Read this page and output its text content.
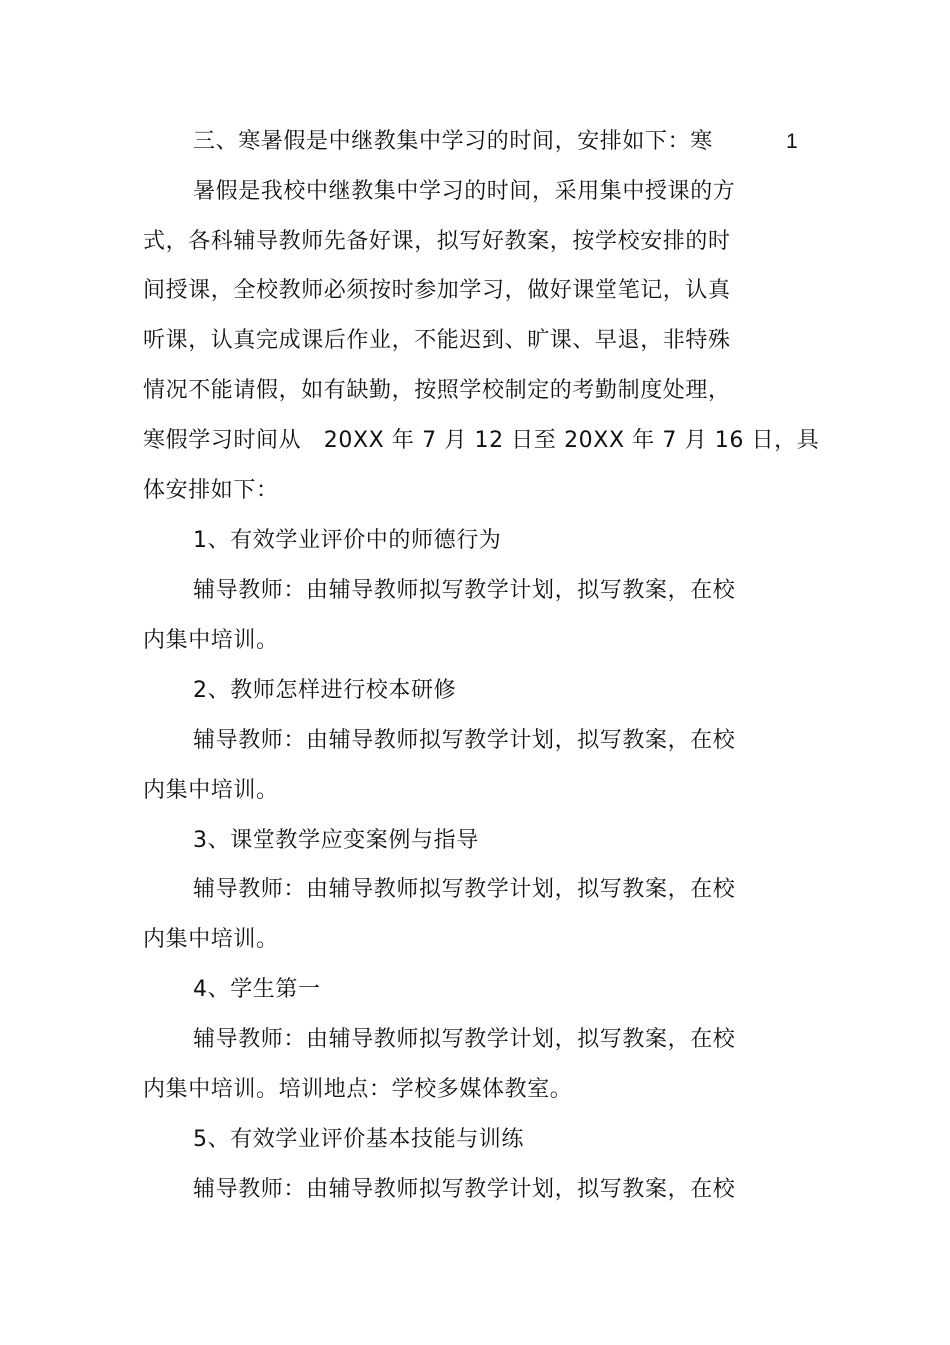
1
三、寒暑假是中继教集中学习的时间，安排如下：寒
暑假是我校中继教集中学习的时间，采用集中授课的方
式，各科辅导教师先备好课，拟写好教案，按学校安排的时
间授课，全校教师必须按时参加学习，做好课堂笔记，认真
听课，认真完成课后作业，不能迟到、旷课、早退，非特殊
情况不能请假，如有缺勤，按照学校制定的考勤制度处理，
寒假学习时间从　20XX 年 7 月 12 日至 20XX 年 7 月 16 日，具
体安排如下：
1、有效学业评价中的师德行为
辅导教师：由辅导教师拟写教学计划，拟写教案，在校
内集中培训。
2、教师怎样进行校本研修
辅导教师：由辅导教师拟写教学计划，拟写教案，在校
内集中培训。
3、课堂教学应变案例与指导
辅导教师：由辅导教师拟写教学计划，拟写教案，在校
内集中培训。
4、学生第一
辅导教师：由辅导教师拟写教学计划，拟写教案，在校
内集中培训。培训地点：学校多媒体教室。
5、有效学业评价基本技能与训练
辅导教师：由辅导教师拟写教学计划，拟写教案，在校
